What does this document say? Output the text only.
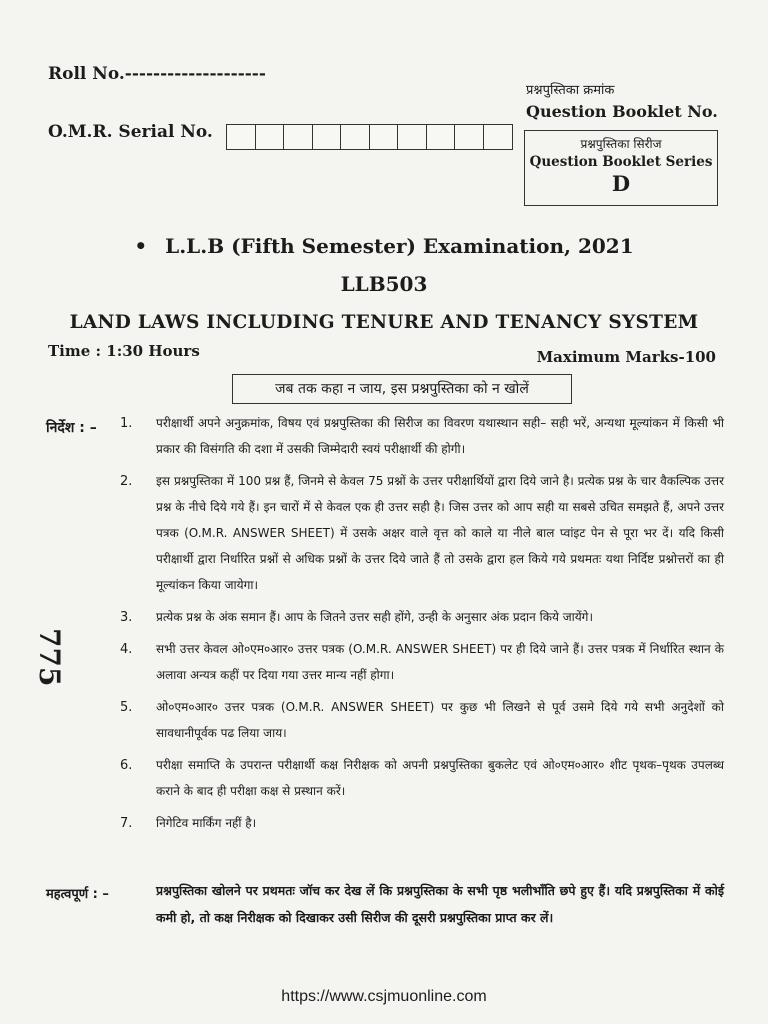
Roll No.--------------------
O.M.R. Serial No.
प्रश्नपुस्तिका क्रमांक
Question Booklet No.
प्रश्नपुस्तिका सिरीज
Question Booklet Series
D
• L.L.B (Fifth Semester) Examination, 2021
LLB503
LAND LAWS INCLUDING TENURE AND TENANCY SYSTEM
Time : 1:30 Hours	Maximum Marks-100
जब तक कहा न जाय, इस प्रश्नपुस्तिका को न खोलें
निर्देश : – 1.	परीक्षार्थी अपने अनुक्रमांक, विषय एवं प्रश्नपुस्तिका की सिरीज का विवरण यथास्थान सही– सही भरें, अन्यथा मूल्यांकन में किसी भी प्रकार की विसंगति की दशा में उसकी जिम्मेदारी स्वयं परीक्षार्थी की होगी।
2.	इस प्रश्नपुस्तिका में 100 प्रश्न हैं, जिनमे से केवल 75 प्रश्नों के उत्तर परीक्षार्थियों द्वारा दिये जाने है। प्रत्येक प्रश्न के चार वैकल्पिक उत्तर प्रश्न के नीचे दिये गये हैं। इन चारों में से केवल एक ही उत्तर सही है। जिस उत्तर को आप सही या सबसे उचित समझते हैं, अपने उत्तर पत्रक (O.M.R. ANSWER SHEET) में उसके अक्षर वाले वृत्त को काले या नीले बाल प्वांइट पेन से पूरा भर दें। यदि किसी परीक्षार्थी द्वारा निर्धारित प्रश्नों से अधिक प्रश्नों के उत्तर दिये जाते हैं तो उसके द्वारा हल किये गये प्रथमतः यथा निर्दिष्ट प्रश्नोत्तरों का ही मूल्यांकन किया जायेगा।
3.	प्रत्येक प्रश्न के अंक समान हैं। आप के जितने उत्तर सही होंगे, उन्ही के अनुसार अंक प्रदान किये जायेंगे।
4.	सभी उत्तर केवल ओ०एम०आर० उत्तर पत्रक (O.M.R. ANSWER SHEET) पर ही दिये जाने हैं। उत्तर पत्रक में निर्धारित स्थान के अलावा अन्यत्र कहीं पर दिया गया उत्तर मान्य नहीं होगा।
5.	ओ०एम०आर० उत्तर पत्रक (O.M.R. ANSWER SHEET) पर कुछ भी लिखने से पूर्व उसमे दिये गये सभी अनुदेशों को सावधानीपूर्वक पढ लिया जाय।
6.	परीक्षा समाप्ति के उपरान्त परीक्षार्थी कक्ष निरीक्षक को अपनी प्रश्नपुस्तिका बुकलेट एवं ओ०एम०आर० शीट पृथक–पृथक उपलब्ध कराने के बाद ही परीक्षा कक्ष से प्रस्थान करें।
7.	निगेटिव मार्किंग नहीं है।
775
महत्वपूर्ण : –	प्रश्नपुस्तिका खोलने पर प्रथमतः जॉच कर देख लें कि प्रश्नपुस्तिका के सभी पृष्ठ भलीभाँति छपे हुए हैं। यदि प्रश्नपुस्तिका में कोई कमी हो, तो कक्ष निरीक्षक को दिखाकर उसी सिरीज की दूसरी प्रश्नपुस्तिका प्राप्त कर लें।
https://www.csjmuonline.com
